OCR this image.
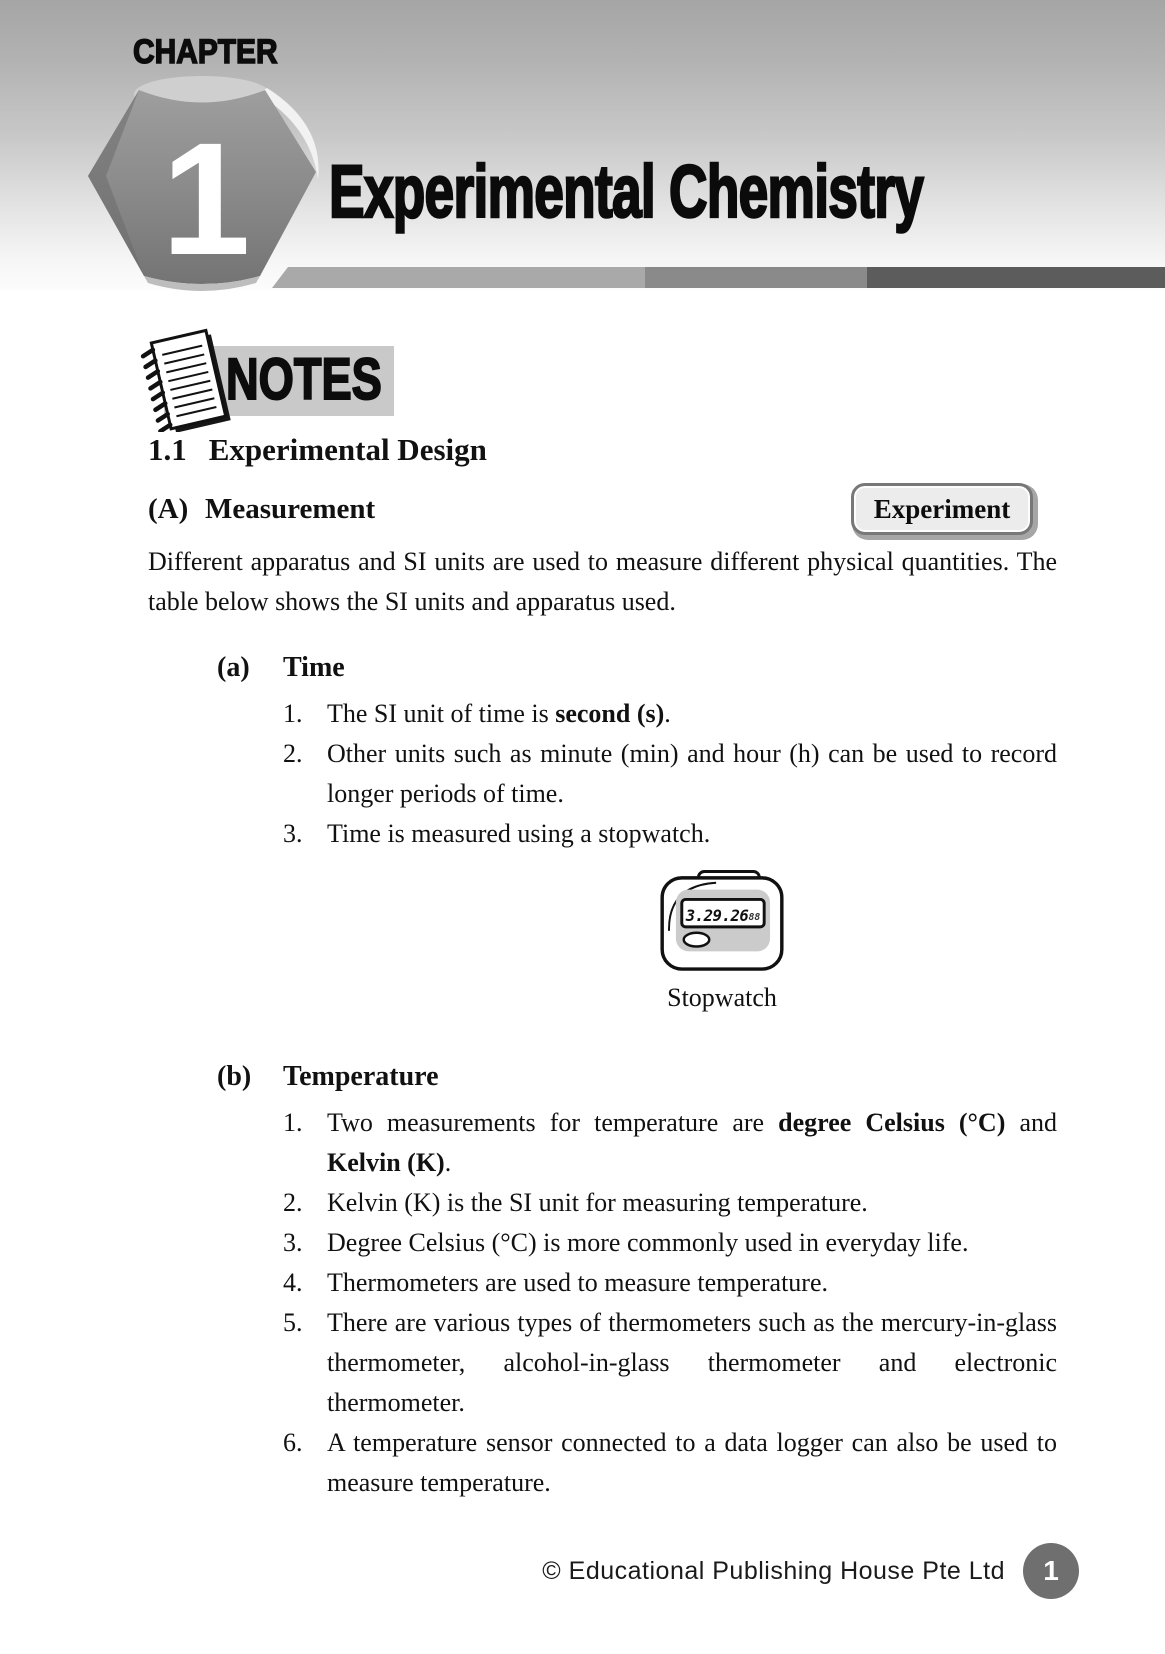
CHAPTER
1 Experimental Chemistry
NOTES
1.1 Experimental Design
(A) Measurement	Experiment

Different apparatus and SI units are used to measure different physical quantities. The table below shows the SI units and apparatus used.

(a) Time
1. The SI unit of time is second (s).

2. Other units such as minute (min) and hour (h) can be used to record longer periods of time.

3. Time is measured using a stopwatch.

3.29.26 88
Stopwatch
(b) Temperature
1. Two measurements for temperature are degree Celsius (°C) and Kelvin (K).

2. Kelvin (K) is the SI unit for measuring temperature.

3. Degree Celsius (°C) is more commonly used in everyday life.

4. Thermometers are used to measure temperature.

5. There are various types of thermometers such as the mercury-in-glass thermometer, alcohol-in-glass thermometer and electronic thermometer.

6. A temperature sensor connected to a data logger can also be used to measure temperature.

© Educational Publishing House Pte Ltd 1
